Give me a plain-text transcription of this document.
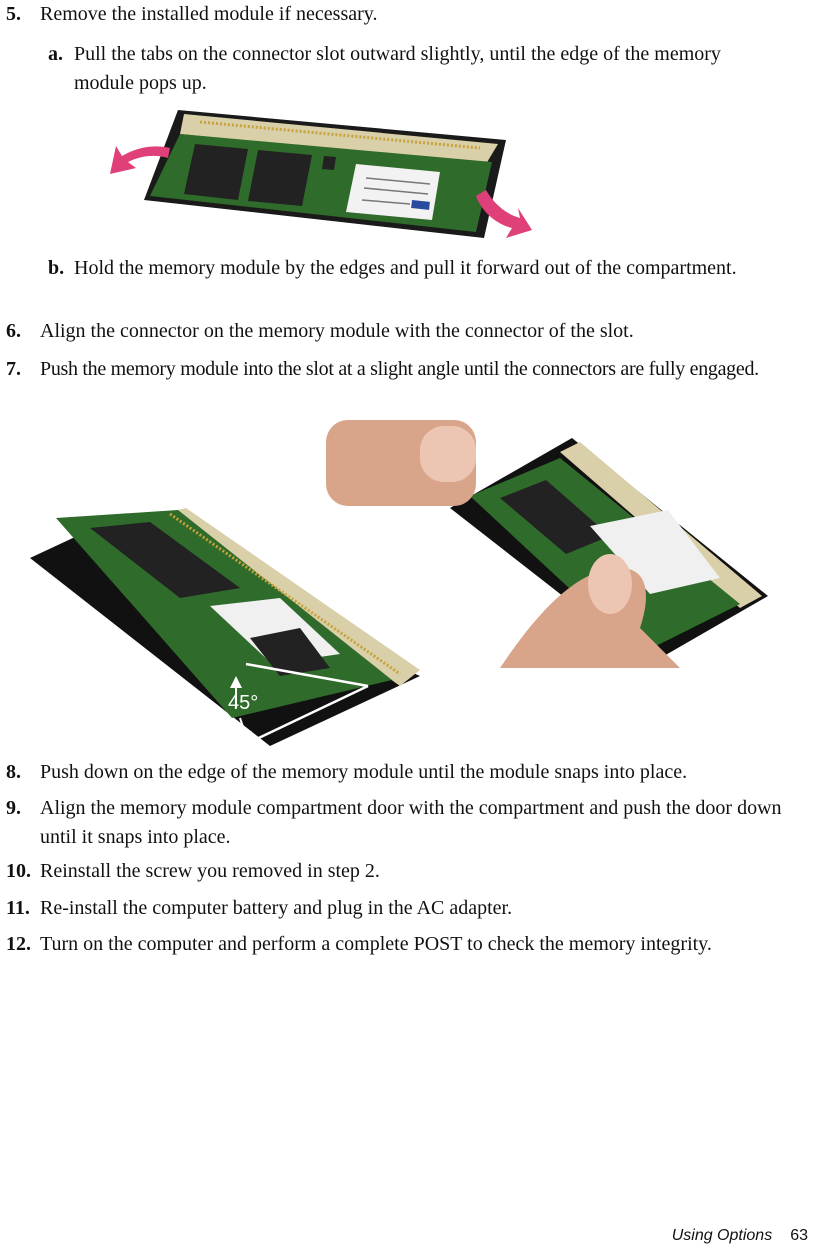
5. Remove the installed module if necessary.
a. Pull the tabs on the connector slot outward slightly, until the edge of the memory module pops up.
b. Hold the memory module by the edges and pull it forward out of the compartment.
6. Align the connector on the memory module with the connector of the slot.
7. Push the memory module into the slot at a slight angle until the connectors are fully engaged.
45°
8. Push down on the edge of the memory module until the module snaps into place.
9. Align the memory module compartment door with the compartment and push the door down until it snaps into place.
10. Reinstall the screw you removed in step 2.
11. Re-install the computer battery and plug in the AC adapter.
12. Turn on the computer and perform a complete POST to check the memory integrity.
Using Options 63
